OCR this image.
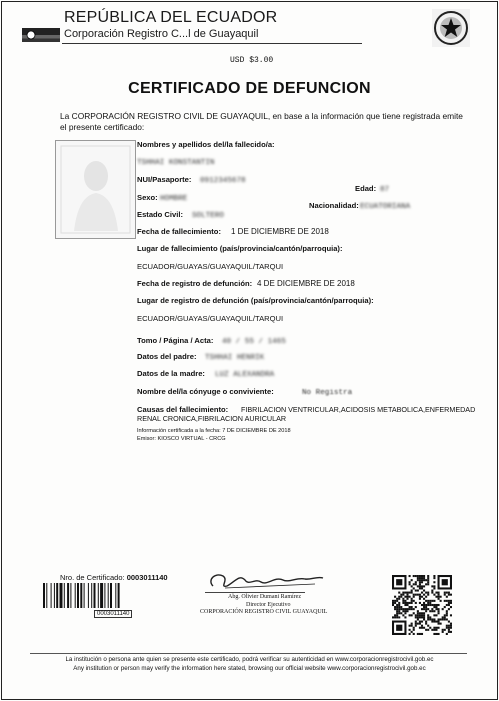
REPÚBLICA DEL ECUADOR
Corporación Registro C...l de Guayaquil
USD $3.00
CERTIFICADO DE DEFUNCION
La CORPORACIÓN REGISTRO CIVIL DE GUAYAQUIL, en base a la información que tiene registrada emite el presente certificado:
Nombres y apellidos del/la fallecido/a:
TSHHAI KONSTANTIN
NUI/Pasaporte: 0912345678
Edad: 87
Sexo: HOMBRE
Nacionalidad: ECUATORIANA
Estado Civil: SOLTERO
Fecha de fallecimiento: 1 DE DICIEMBRE DE 2018
Lugar de fallecimiento (país/provincia/cantón/parroquia):
ECUADOR/GUAYAS/GUAYAQUIL/TARQUI
Fecha de registro de defunción: 4 DE DICIEMBRE DE 2018
Lugar de registro de defunción (país/provincia/cantón/parroquia):
ECUADOR/GUAYAS/GUAYAQUIL/TARQUI
Tomo / Página / Acta: 40 / 55 / 1465
Datos del padre: TSHHAI HENRIK
Datos de la madre: LUZ ALEXANDRA
Nombre del/la cónyuge o conviviente:	No Registra
Causas del fallecimiento: FIBRILACION VENTRICULAR,ACIDOSIS METABOLICA,ENFERMEDAD
RENAL CRONICA,FIBRILACION AURICULAR
Información certificada a la fecha: 7 DE DICIEMBRE DE 2018
Emisor: KIOSCO VIRTUAL - CRCG
Nro. de Certificado: 0003011140
0003011140
Abg. Olivier Dumani Ramírez
Director Ejecutivo
CORPORACIÓN REGISTRO CIVIL GUAYAQUIL
La institución o persona ante quien se presente este certificado, podrá verificar su autenticidad en www.corporacionregistrocivil.gob.ec
Any institution or person may verify the information here stated, browsing our official website www.corporacionregistrocivil.gob.ec
